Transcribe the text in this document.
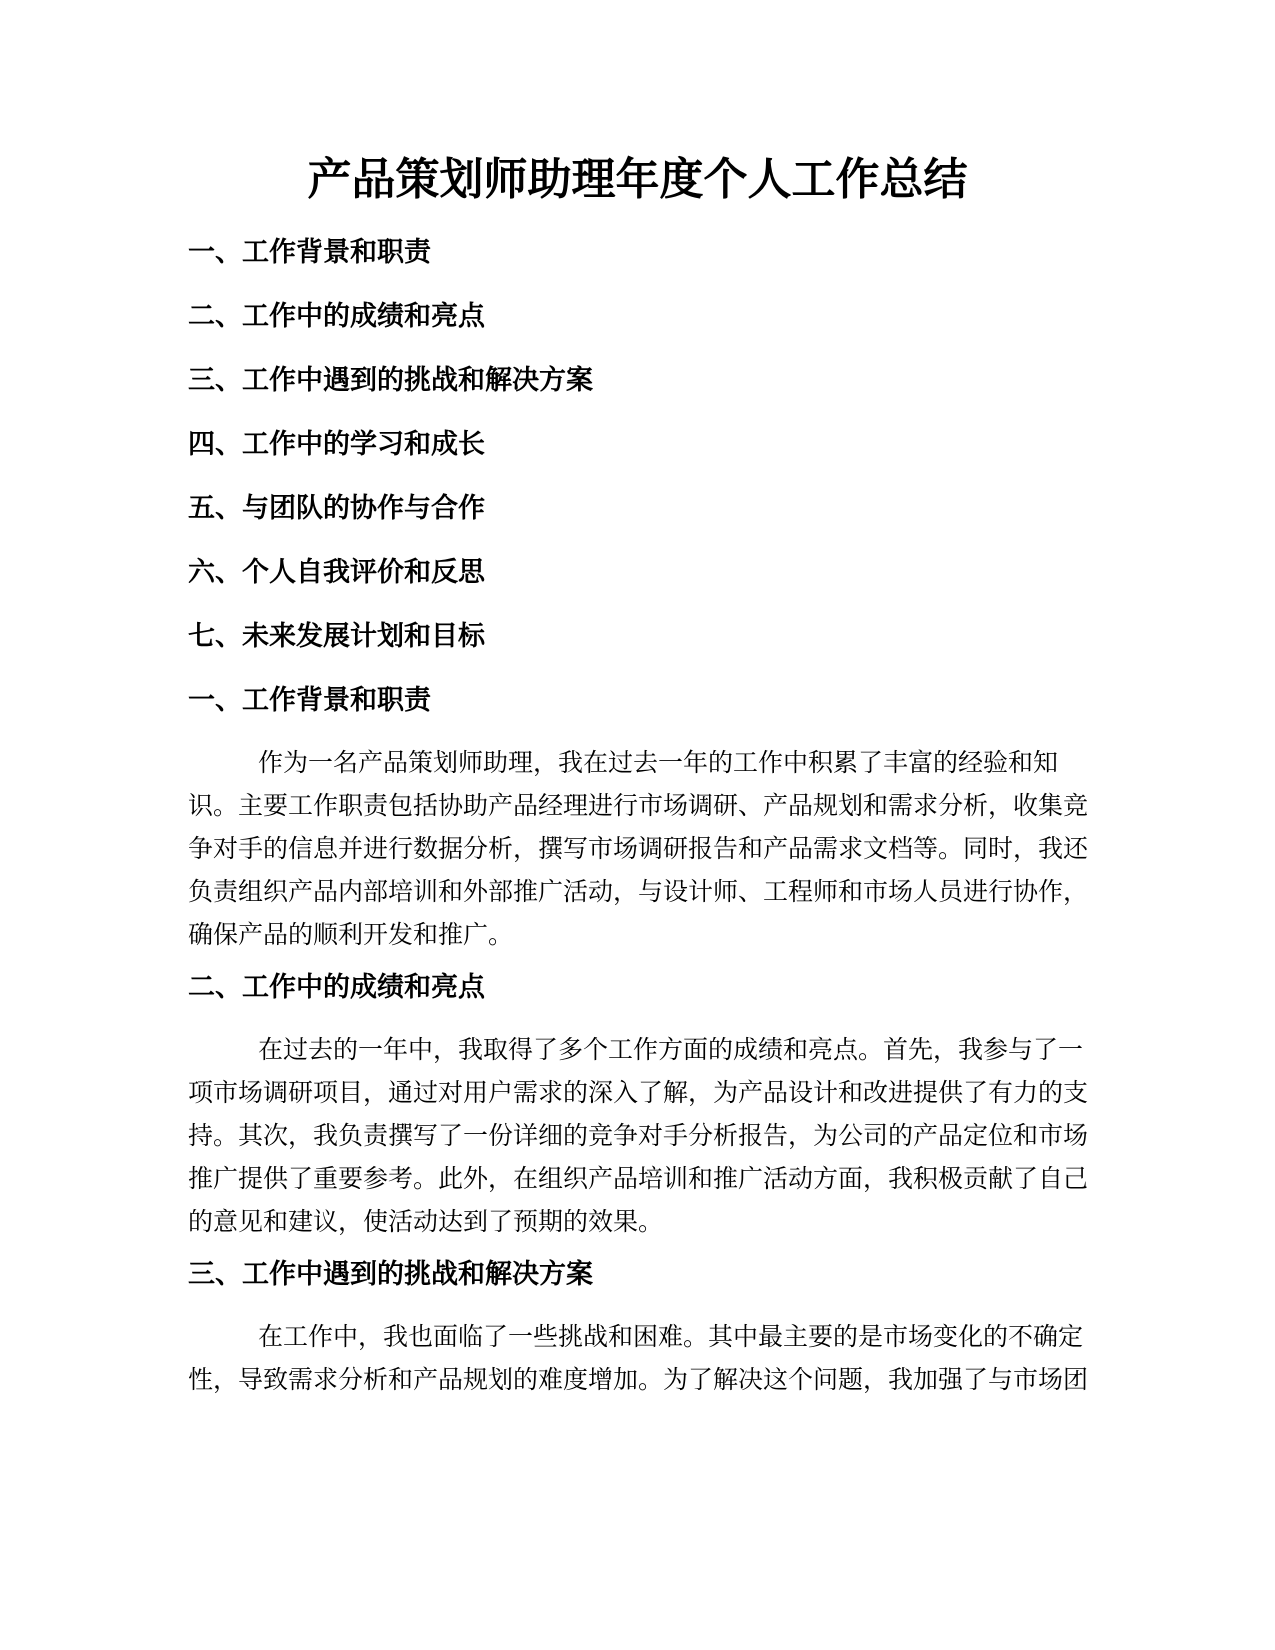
产品策划师助理年度个人工作总结
一、工作背景和职责
二、工作中的成绩和亮点
三、工作中遇到的挑战和解决方案
四、工作中的学习和成长
五、与团队的协作与合作
六、个人自我评价和反思
七、未来发展计划和目标
一、工作背景和职责
作为一名产品策划师助理，我在过去一年的工作中积累了丰富的经验和知
识。主要工作职责包括协助产品经理进行市场调研、产品规划和需求分析，收集竞
争对手的信息并进行数据分析，撰写市场调研报告和产品需求文档等。同时，我还
负责组织产品内部培训和外部推广活动，与设计师、工程师和市场人员进行协作，
确保产品的顺利开发和推广。
二、工作中的成绩和亮点
在过去的一年中，我取得了多个工作方面的成绩和亮点。首先，我参与了一
项市场调研项目，通过对用户需求的深入了解，为产品设计和改进提供了有力的支
持。其次，我负责撰写了一份详细的竞争对手分析报告，为公司的产品定位和市场
推广提供了重要参考。此外，在组织产品培训和推广活动方面，我积极贡献了自己
的意见和建议，使活动达到了预期的效果。
三、工作中遇到的挑战和解决方案
在工作中，我也面临了一些挑战和困难。其中最主要的是市场变化的不确定
性，导致需求分析和产品规划的难度增加。为了解决这个问题，我加强了与市场团
